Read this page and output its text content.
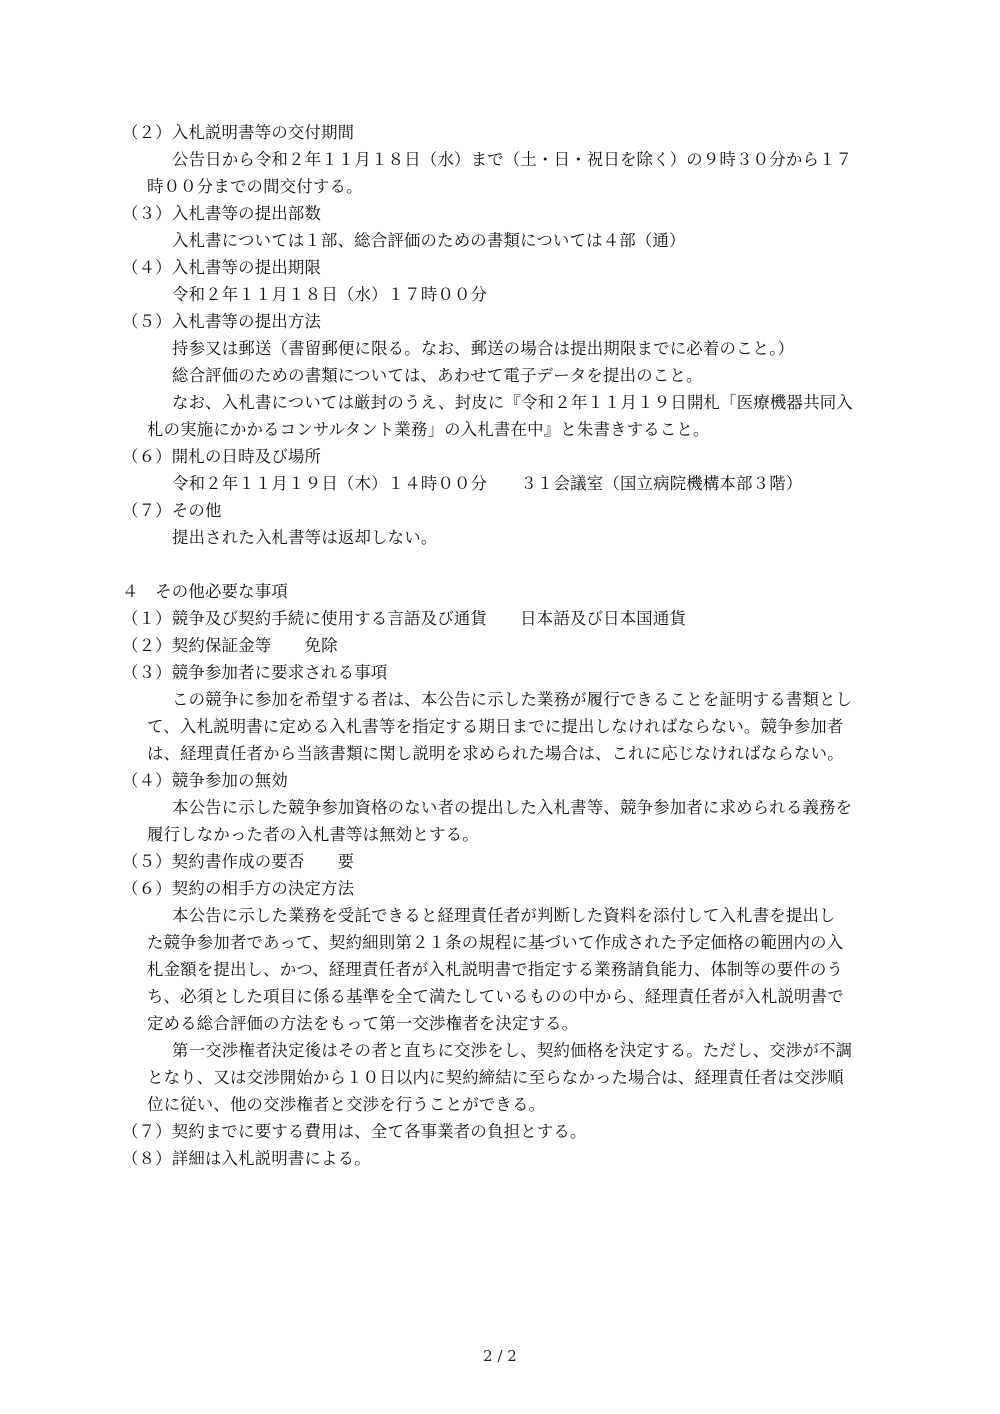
（２）入札説明書等の交付期間
公告日から令和２年１１月１８日（水）まで（土・日・祝日を除く）の９時３０分から１７
時００分までの間交付する。
（３）入札書等の提出部数
入札書については１部、総合評価のための書類については４部（通）
（４）入札書等の提出期限
令和２年１１月１８日（水）１７時００分
（５）入札書等の提出方法
持参又は郵送（書留郵便に限る。なお、郵送の場合は提出期限までに必着のこと。）
総合評価のための書類については、あわせて電子データを提出のこと。
なお、入札書については厳封のうえ、封皮に『令和２年１１月１９日開札「医療機器共同入
札の実施にかかるコンサルタント業務」の入札書在中』と朱書きすること。
（６）開札の日時及び場所
令和２年１１月１９日（木）１４時００分　　３１会議室（国立病院機構本部３階）
（７）その他
提出された入札書等は返却しない。
４　その他必要な事項
（１）競争及び契約手続に使用する言語及び通貨　　日本語及び日本国通貨
（２）契約保証金等　　免除
（３）競争参加者に要求される事項
この競争に参加を希望する者は、本公告に示した業務が履行できることを証明する書類とし
て、入札説明書に定める入札書等を指定する期日までに提出しなければならない。競争参加者
は、経理責任者から当該書類に関し説明を求められた場合は、これに応じなければならない。
（４）競争参加の無効
本公告に示した競争参加資格のない者の提出した入札書等、競争参加者に求められる義務を
履行しなかった者の入札書等は無効とする。
（５）契約書作成の要否　　要
（６）契約の相手方の決定方法
本公告に示した業務を受託できると経理責任者が判断した資料を添付して入札書を提出し
た競争参加者であって、契約細則第２１条の規程に基づいて作成された予定価格の範囲内の入
札金額を提出し、かつ、経理責任者が入札説明書で指定する業務請負能力、体制等の要件のう
ち、必須とした項目に係る基準を全て満たしているものの中から、経理責任者が入札説明書で
定める総合評価の方法をもって第一交渉権者を決定する。
第一交渉権者決定後はその者と直ちに交渉をし、契約価格を決定する。ただし、交渉が不調
となり、又は交渉開始から１０日以内に契約締結に至らなかった場合は、経理責任者は交渉順
位に従い、他の交渉権者と交渉を行うことができる。
（７）契約までに要する費用は、全て各事業者の負担とする。
（８）詳細は入札説明書による。
2 / 2
